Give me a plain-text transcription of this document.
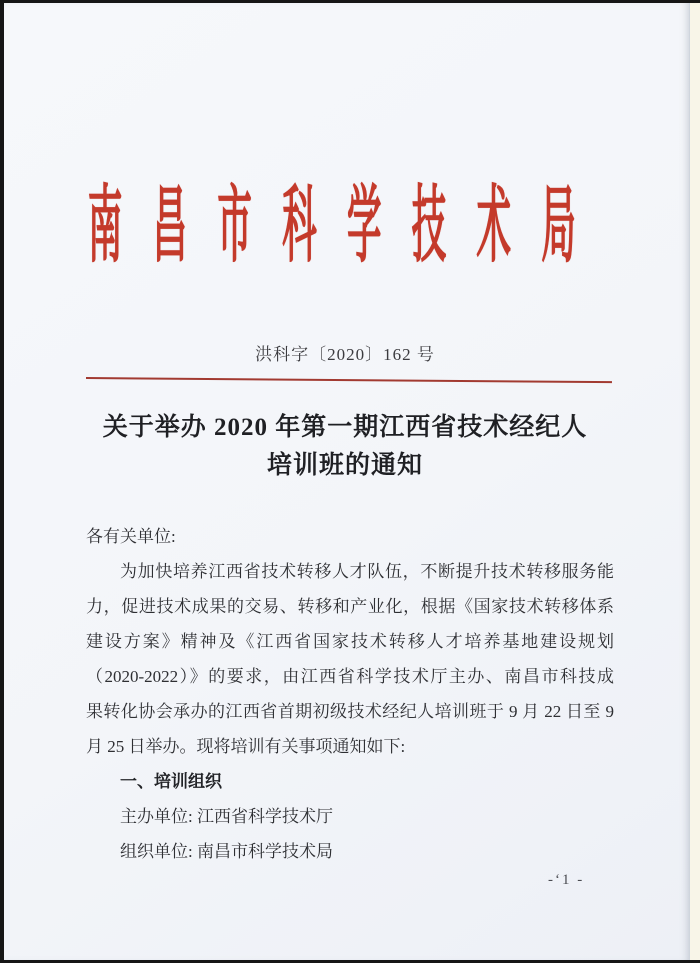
南昌市科学技术局
洪科字〔2020〕162 号
关于举办 2020 年第一期江西省技术经纪人
培训班的通知
各有关单位:
为加快培养江西省技术转移人才队伍，不断提升技术转移服务能
力，促进技术成果的交易、转移和产业化，根据《国家技术转移体系
建设方案》精神及《江西省国家技术转移人才培养基地建设规划
（2020-2022）》的要求，由江西省科学技术厅主办、南昌市科技成
果转化协会承办的江西省首期初级技术经纪人培训班于 9 月 22 日至 9
月 25 日举办。现将培训有关事项通知如下:
一、培训组织
主办单位: 江西省科学技术厅
组织单位: 南昌市科学技术局
-‘1 -
